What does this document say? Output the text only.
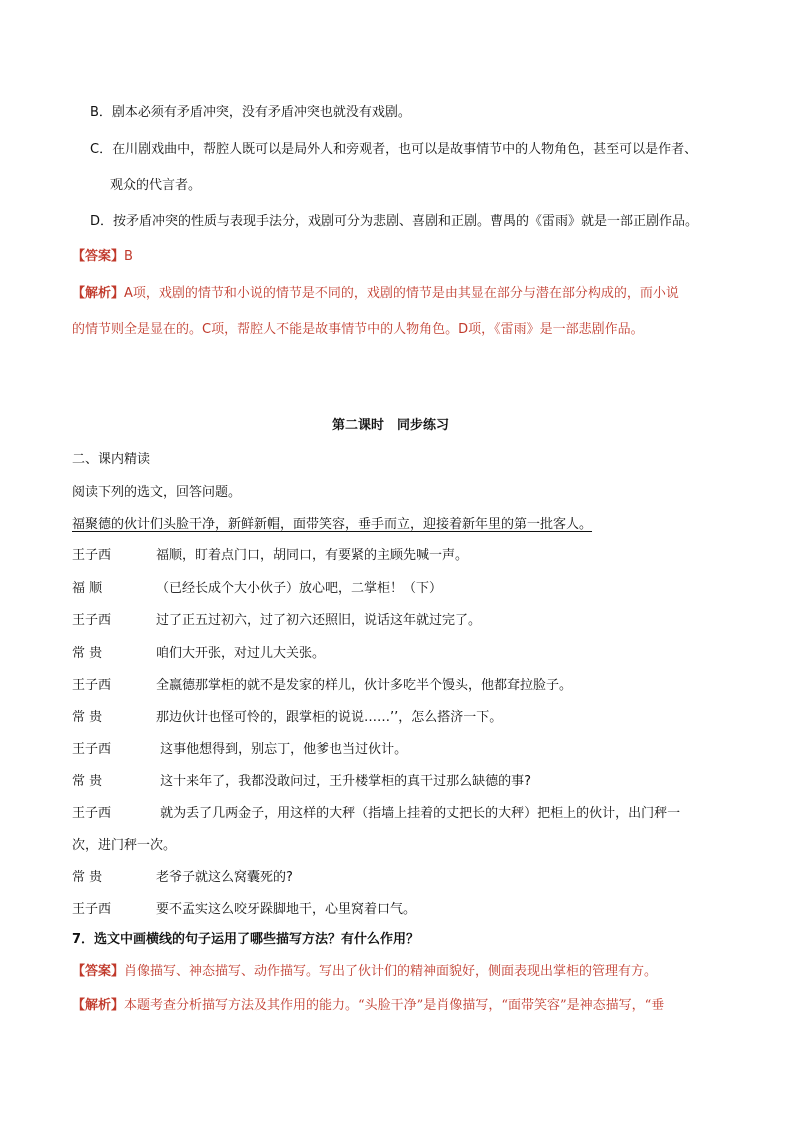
B．剧本必须有矛盾冲突，没有矛盾冲突也就没有戏剧。
C．在川剧戏曲中，帮腔人既可以是局外人和旁观者，也可以是故事情节中的人物角色，甚至可以是作者、
观众的代言者。
D．按矛盾冲突的性质与表现手法分，戏剧可分为悲剧、喜剧和正剧。曹禺的《雷雨》就是一部正剧作品。
【答案】B
【解析】A项，戏剧的情节和小说的情节是不同的，戏剧的情节是由其显在部分与潜在部分构成的，而小说
的情节则全是显在的。C项，帮腔人不能是故事情节中的人物角色。D项，《雷雨》是一部悲剧作品。
第二课时　同步练习
二、课内精读
阅读下列的选文，回答问题。
福聚德的伙计们头脸干净，新鲜新帽，面带笑容，垂手而立，迎接着新年里的第一批客人。
王子西	福顺，盯着点门口，胡同口，有要紧的主顾先喊一声。
福 顺	（已经长成个大小伙子）放心吧，二掌柜！（下）
王子西	过了正五过初六，过了初六还照旧，说话这年就过完了。
常 贵	咱们大开张，对过儿大关张。
王子西	全嬴德那掌柜的就不是发家的样儿，伙计多吃半个馒头，他都耷拉脸子。
常 贵	那边伙计也怪可怜的，跟掌柜的说说……’’，怎么搭济一下。
王子西	这事他想得到，别忘丁，他爹也当过伙计。
常 贵	这十来年了，我都没敢问过，王升楼掌柜的真干过那么缺德的事?
王子西	就为丢了几两金子，用这样的大秤（指墙上挂着的丈把长的大秤）把柜上的伙计，出门秤一
次，进门秤一次。
常 贵	老爷子就这么窝囊死的?
王子西	要不孟实这么咬牙跺脚地干，心里窝着口气。
7．选文中画横线的句子运用了哪些描写方法？有什么作用？
【答案】肖像描写、神态描写、动作描写。写出了伙计们的精神面貌好，侧面表现出掌柜的管理有方。
【解析】本题考查分析描写方法及其作用的能力。“头脸干净”是肖像描写，“面带笑容”是神态描写，“垂
